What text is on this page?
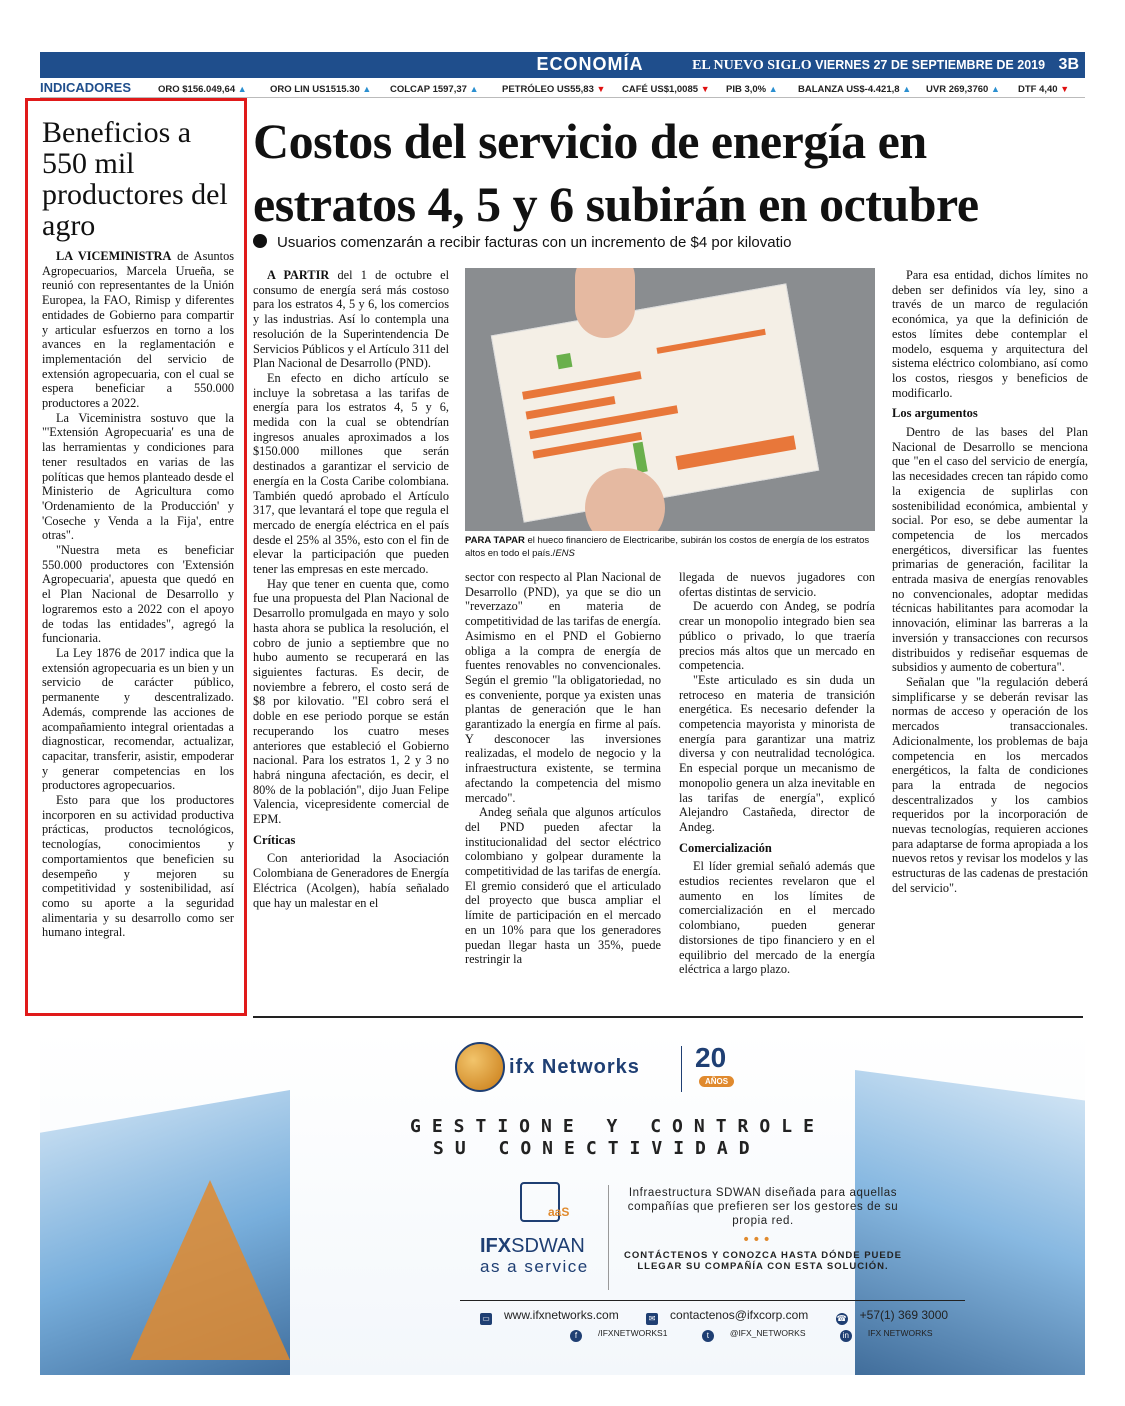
ECONOMÍA	EL NUEVO SIGLO VIERNES 27 DE SEPTIEMBRE DE 2019 3B
INDICADORES	ORO $156.049,64 ▲ ORO LIN US1515.30 ▲ COLCAP 1597,37 ▲ PETRÓLEO US55,83 ▼ CAFÉ US$1,0085 ▼ PIB 3,0% ▲ BALANZA US$-4.421,8 ▲ UVR 269,3760 ▲ DTF 4,40 ▼
Beneficios a 550 mil productores del agro

LA VICEMINISTRA de Asuntos Agropecuarios, Marcela Urueña, se reunió con representantes de la Unión Europea, la FAO, Rimisp y diferentes entidades de Gobierno para compartir y articular esfuerzos en torno a los avances en la reglamentación e implementación del servicio de extensión agropecuaria, con el cual se espera beneficiar a 550.000 productores a 2022.

La Viceministra sostuvo que la "'Extensión Agropecuaria' es una de las herramientas y condiciones para tener resultados en varias de las políticas que hemos planteado desde el Ministerio de Agricultura como 'Ordenamiento de la Producción' y 'Coseche y Venda a la Fija', entre otras".

"Nuestra meta es beneficiar 550.000 productores con 'Extensión Agropecuaria', apuesta que quedó en el Plan Nacional de Desarrollo y lograremos esto a 2022 con el apoyo de todas las entidades", agregó la funcionaria.

La Ley 1876 de 2017 indica que la extensión agropecuaria es un bien y un servicio de carácter público, permanente y descentralizado. Además, comprende las acciones de acompañamiento integral orientadas a diagnosticar, recomendar, actualizar, capacitar, transferir, asistir, empoderar y generar competencias en los productores agropecuarios.

Esto para que los productores incorporen en su actividad productiva prácticas, productos tecnológicos, tecnologías, conocimientos y comportamientos que beneficien su desempeño y mejoren su competitividad y sostenibilidad, así como su aporte a la seguridad alimentaria y su desarrollo como ser humano integral.

Costos del servicio de energía en estratos 4, 5 y 6 subirán en octubre
Usuarios comenzarán a recibir facturas con un incremento de $4 por kilovatio

A PARTIR del 1 de octubre el consumo de energía será más costoso para los estratos 4, 5 y 6, los comercios y las industrias. Así lo contempla una resolución de la Superintendencia De Servicios Públicos y el Artículo 311 del Plan Nacional de Desarrollo (PND).

En efecto en dicho artículo se incluye la sobretasa a las tarifas de energía para los estratos 4, 5 y 6, medida con la cual se obtendrían ingresos anuales aproximados a los $150.000 millones que serán destinados a garantizar el servicio de energía en la Costa Caribe colombiana. También quedó aprobado el Artículo 317, que levantará el tope que regula el mercado de energía eléctrica en el país desde el 25% al 35%, esto con el fin de elevar la participación que pueden tener las empresas en este mercado.

Hay que tener en cuenta que, como fue una propuesta del Plan Nacional de Desarrollo promulgada en mayo y solo hasta ahora se publica la resolución, el cobro de junio a septiembre que no hubo aumento se recuperará en las siguientes facturas. Es decir, de noviembre a febrero, el costo será de $8 por kilovatio. "El cobro será el doble en ese periodo porque se están recuperando los cuatro meses anteriores que estableció el Gobierno nacional. Para los estratos 1, 2 y 3 no habrá ninguna afectación, es decir, el 80% de la población", dijo Juan Felipe Valencia, vicepresidente comercial de EPM.

Críticas

Con anterioridad la Asociación Colombiana de Generadores de Energía Eléctrica (Acolgen), había señalado que hay un malestar en el

PARA TAPAR el hueco financiero de Electricaribe, subirán los costos de energía de los estratos altos en todo el país./ENS

sector con respecto al Plan Nacional de Desarrollo (PND), ya que se dio un "reverzazo" en materia de competitividad de las tarifas de energía. Asimismo en el PND el Gobierno obliga a la compra de energía de fuentes renovables no convencionales. Según el gremio "la obligatoriedad, no es conveniente, porque ya existen unas plantas de generación que le han garantizado la energía en firme al país. Y desconocer las inversiones realizadas, el modelo de negocio y la infraestructura existente, se termina afectando la competencia del mismo mercado".

Andeg señala que algunos artículos del PND pueden afectar la institucionalidad del sector eléctrico colombiano y golpear duramente la competitividad de las tarifas de energía. El gremio consideró que el articulado del proyecto que busca ampliar el límite de participación en el mercado en un 10% para que los generadores puedan llegar hasta un 35%, puede restringir la

llegada de nuevos jugadores con ofertas distintas de servicio.

De acuerdo con Andeg, se podría crear un monopolio integrado bien sea público o privado, lo que traería precios más altos que un mercado en competencia.

"Este articulado es sin duda un retroceso en materia de transición energética. Es necesario defender la competencia mayorista y minorista de energía para garantizar una matriz diversa y con neutralidad tecnológica. En especial porque un mecanismo de monopolio genera un alza inevitable en las tarifas de energía", explicó Alejandro Castañeda, director de Andeg.

Comercialización

El líder gremial señaló además que estudios recientes revelaron que el aumento en los límites de comercialización en el mercado colombiano, pueden generar distorsiones de tipo financiero y en el equilibrio del mercado de la energía eléctrica a largo plazo.

Para esa entidad, dichos límites no deben ser definidos vía ley, sino a través de un marco de regulación económica, ya que la definición de estos límites debe contemplar el modelo, esquema y arquitectura del sistema eléctrico colombiano, así como los costos, riesgos y beneficios de modificarlo.

Los argumentos

Dentro de las bases del Plan Nacional de Desarrollo se menciona que "en el caso del servicio de energía, las necesidades crecen tan rápido como la exigencia de suplirlas con sostenibilidad económica, ambiental y social. Por eso, se debe aumentar la competencia de los mercados energéticos, diversificar las fuentes primarias de generación, facilitar la entrada masiva de energías renovables no convencionales, adoptar medidas técnicas habilitantes para acomodar la innovación, eliminar las barreras a la inversión y transacciones con recursos distribuidos y rediseñar esquemas de subsidios y aumento de cobertura".

Señalan que "la regulación deberá simplificarse y se deberán revisar las normas de acceso y operación de los mercados transaccionales. Adicionalmente, los problemas de baja competencia en los mercados energéticos, la falta de condiciones para la entrada de negocios descentralizados y los cambios requeridos por la incorporación de nuevas tecnologías, requieren acciones para adaptarse de forma apropiada a los nuevos retos y revisar los modelos y las estructuras de las cadenas de prestación del servicio".

ifx Networks 20
AÑOS
GESTIONE Y CONTROLE
SU CONECTIVIDAD
aaS
IFXSDWAN
as a service
Infraestructura SDWAN diseñada para aquellas compañías que prefieren ser los gestores de su propia red.
•••
CONTÁCTENOS Y CONOZCA HASTA DÓNDE PUEDE LLEGAR SU COMPAÑÍA CON ESTA SOLUCIÓN.
▭ www.ifxnetworks.com	✉ contactenos@ifxcorp.com	☎ +57(1) 369 3000
f /IFXNETWORKS1	t @IFX_NETWORKS	in IFX NETWORKS
